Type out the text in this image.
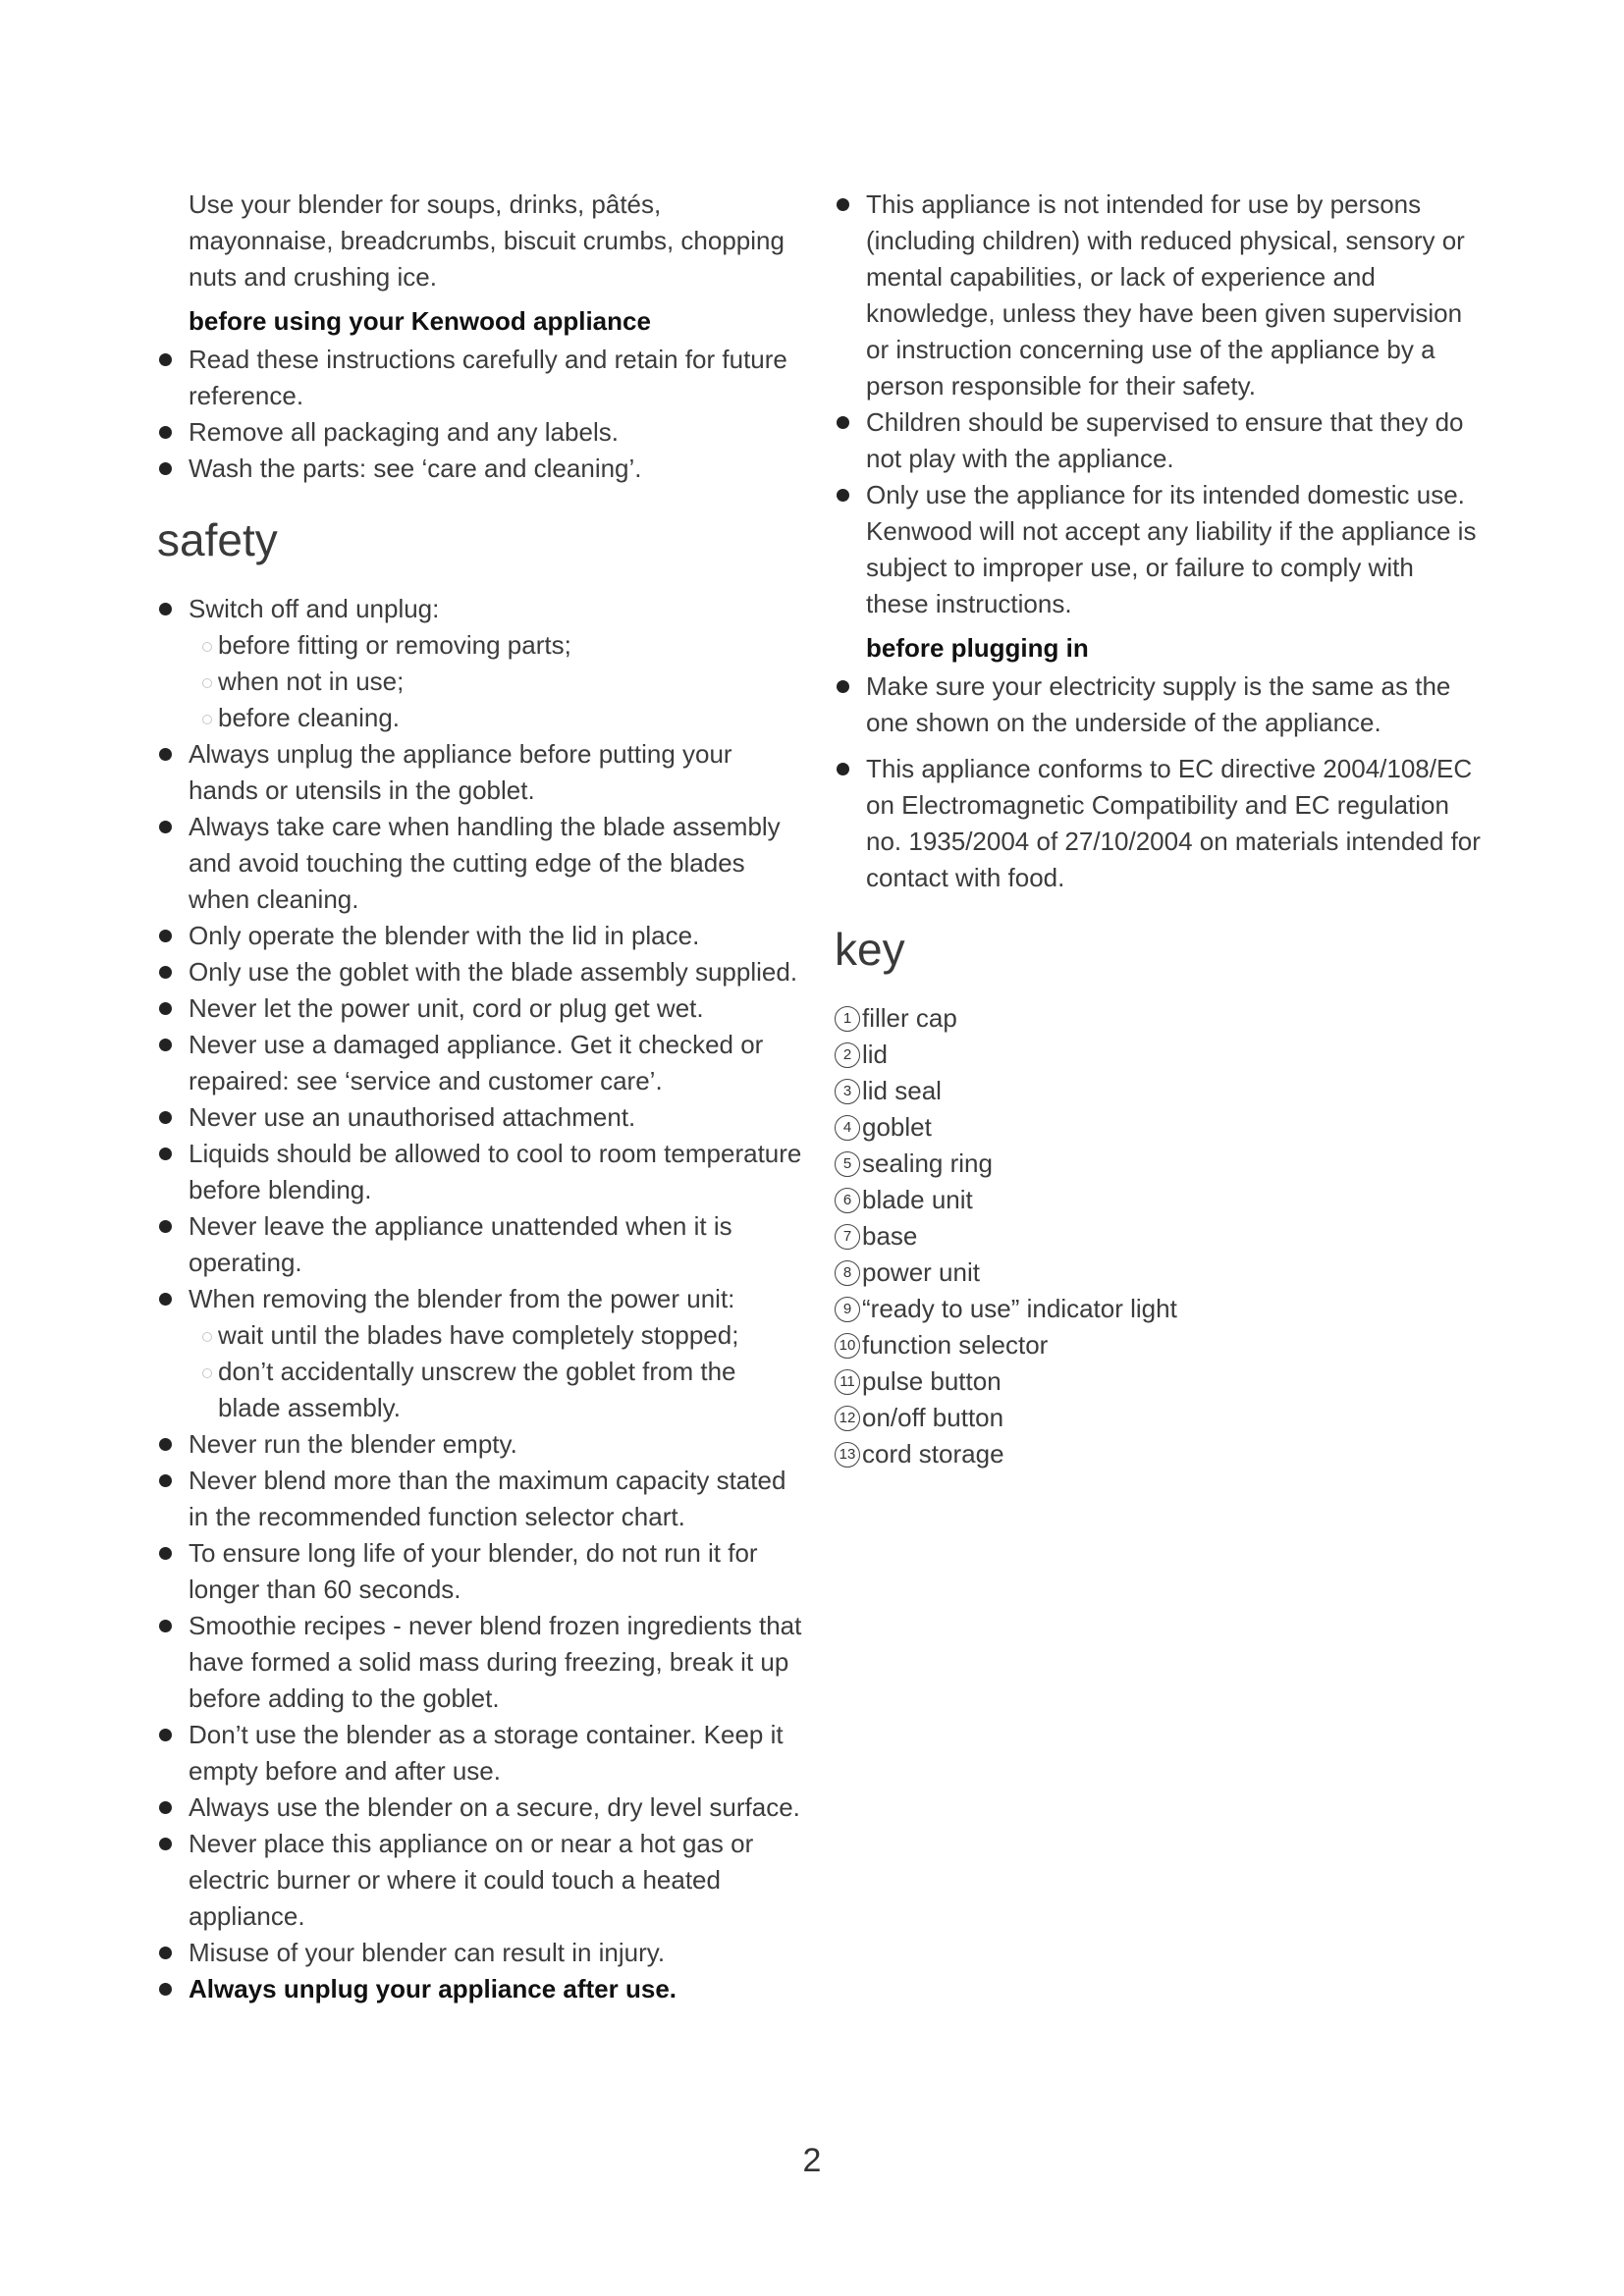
Use your blender for soups, drinks, pâtés, mayonnaise, breadcrumbs, biscuit crumbs, chopping nuts and crushing ice.

before using your Kenwood appliance

Read these instructions carefully and retain for future reference.
Remove all packaging and any labels.
Wash the parts: see ‘care and cleaning’.
safety
Switch off and unplug:
before fitting or removing parts;
when not in use;
before cleaning.
Always unplug the appliance before putting your hands or utensils in the goblet.
Always take care when handling the blade assembly and avoid touching the cutting edge of the blades when cleaning.
Only operate the blender with the lid in place.
Only use the goblet with the blade assembly supplied.
Never let the power unit, cord or plug get wet.
Never use a damaged appliance. Get it checked or repaired: see ‘service and customer care’.
Never use an unauthorised attachment.
Liquids should be allowed to cool to room temperature before blending.
Never leave the appliance unattended when it is operating.
When removing the blender from the power unit:
wait until the blades have completely stopped;
don’t accidentally unscrew the goblet from the blade assembly.
Never run the blender empty.
Never blend more than the maximum capacity stated in the recommended function selector chart.
To ensure long life of your blender, do not run it for longer than 60 seconds.
Smoothie recipes - never blend frozen ingredients that have formed a solid mass during freezing, break it up before adding to the goblet.
Don’t use the blender as a storage container. Keep it empty before and after use.
Always use the blender on a secure, dry level surface.
Never place this appliance on or near a hot gas or electric burner or where it could touch a heated appliance.
Misuse of your blender can result in injury.
Always unplug your appliance after use.
This appliance is not intended for use by persons (including children) with reduced physical, sensory or mental capabilities, or lack of experience and knowledge, unless they have been given supervision or instruction concerning use of the appliance by a person responsible for their safety.
Children should be supervised to ensure that they do not play with the appliance.
Only use the appliance for its intended domestic use. Kenwood will not accept any liability if the appliance is subject to improper use, or failure to comply with these instructions.

before plugging in

Make sure your electricity supply is the same as the one shown on the underside of the appliance.
This appliance conforms to EC directive 2004/108/EC on Electromagnetic Compatibility and EC regulation no. 1935/2004 of 27/10/2004 on materials intended for contact with food.
key
1 filler cap
2 lid
3 lid seal
4 goblet
5 sealing ring
6 blade unit
7 base
8 power unit
9 “ready to use” indicator light
10 function selector
11 pulse button
12 on/off button
13 cord storage
2
